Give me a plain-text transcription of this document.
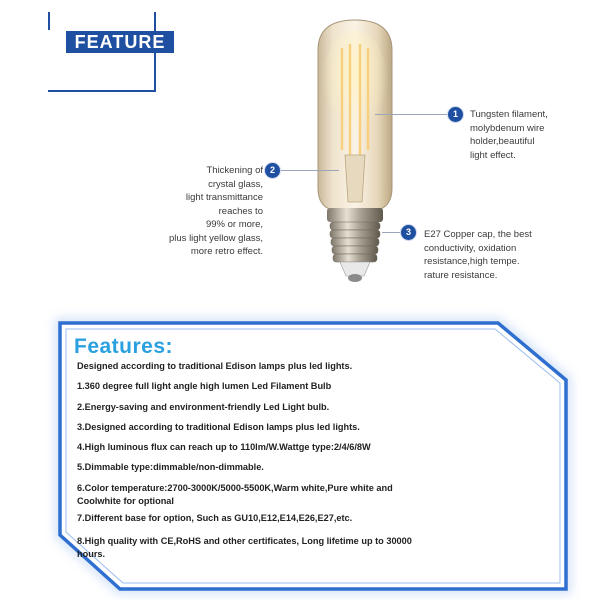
FEATURE
1	Tungsten filament,
molybdenum wire
holder,beautiful
light effect.
2
Thickening of
crystal glass,
light transmittance
reaches to
99% or more,
plus light yellow glass,
more retro effect.
3	E27 Copper cap, the best
conductivity, oxidation
resistance,high tempe.
rature resistance.
Features:
Designed according to traditional Edison lamps plus led lights.
1.360 degree full light angle high lumen Led Filament Bulb
2.Energy-saving and environment-friendly Led Light bulb.
3.Designed according to traditional Edison lamps plus led lights.
4.High luminous flux can reach up to 110lm/W.Wattge type:2/4/6/8W
5.Dimmable type:dimmable/non-dimmable.
6.Color temperature:2700-3000K/5000-5500K,Warm white,Pure white and
Coolwhite for optional
7.Different base for option, Such as GU10,E12,E14,E26,E27,etc.
8.High quality with CE,RoHS and other certificates, Long lifetime up to 30000
hours.
